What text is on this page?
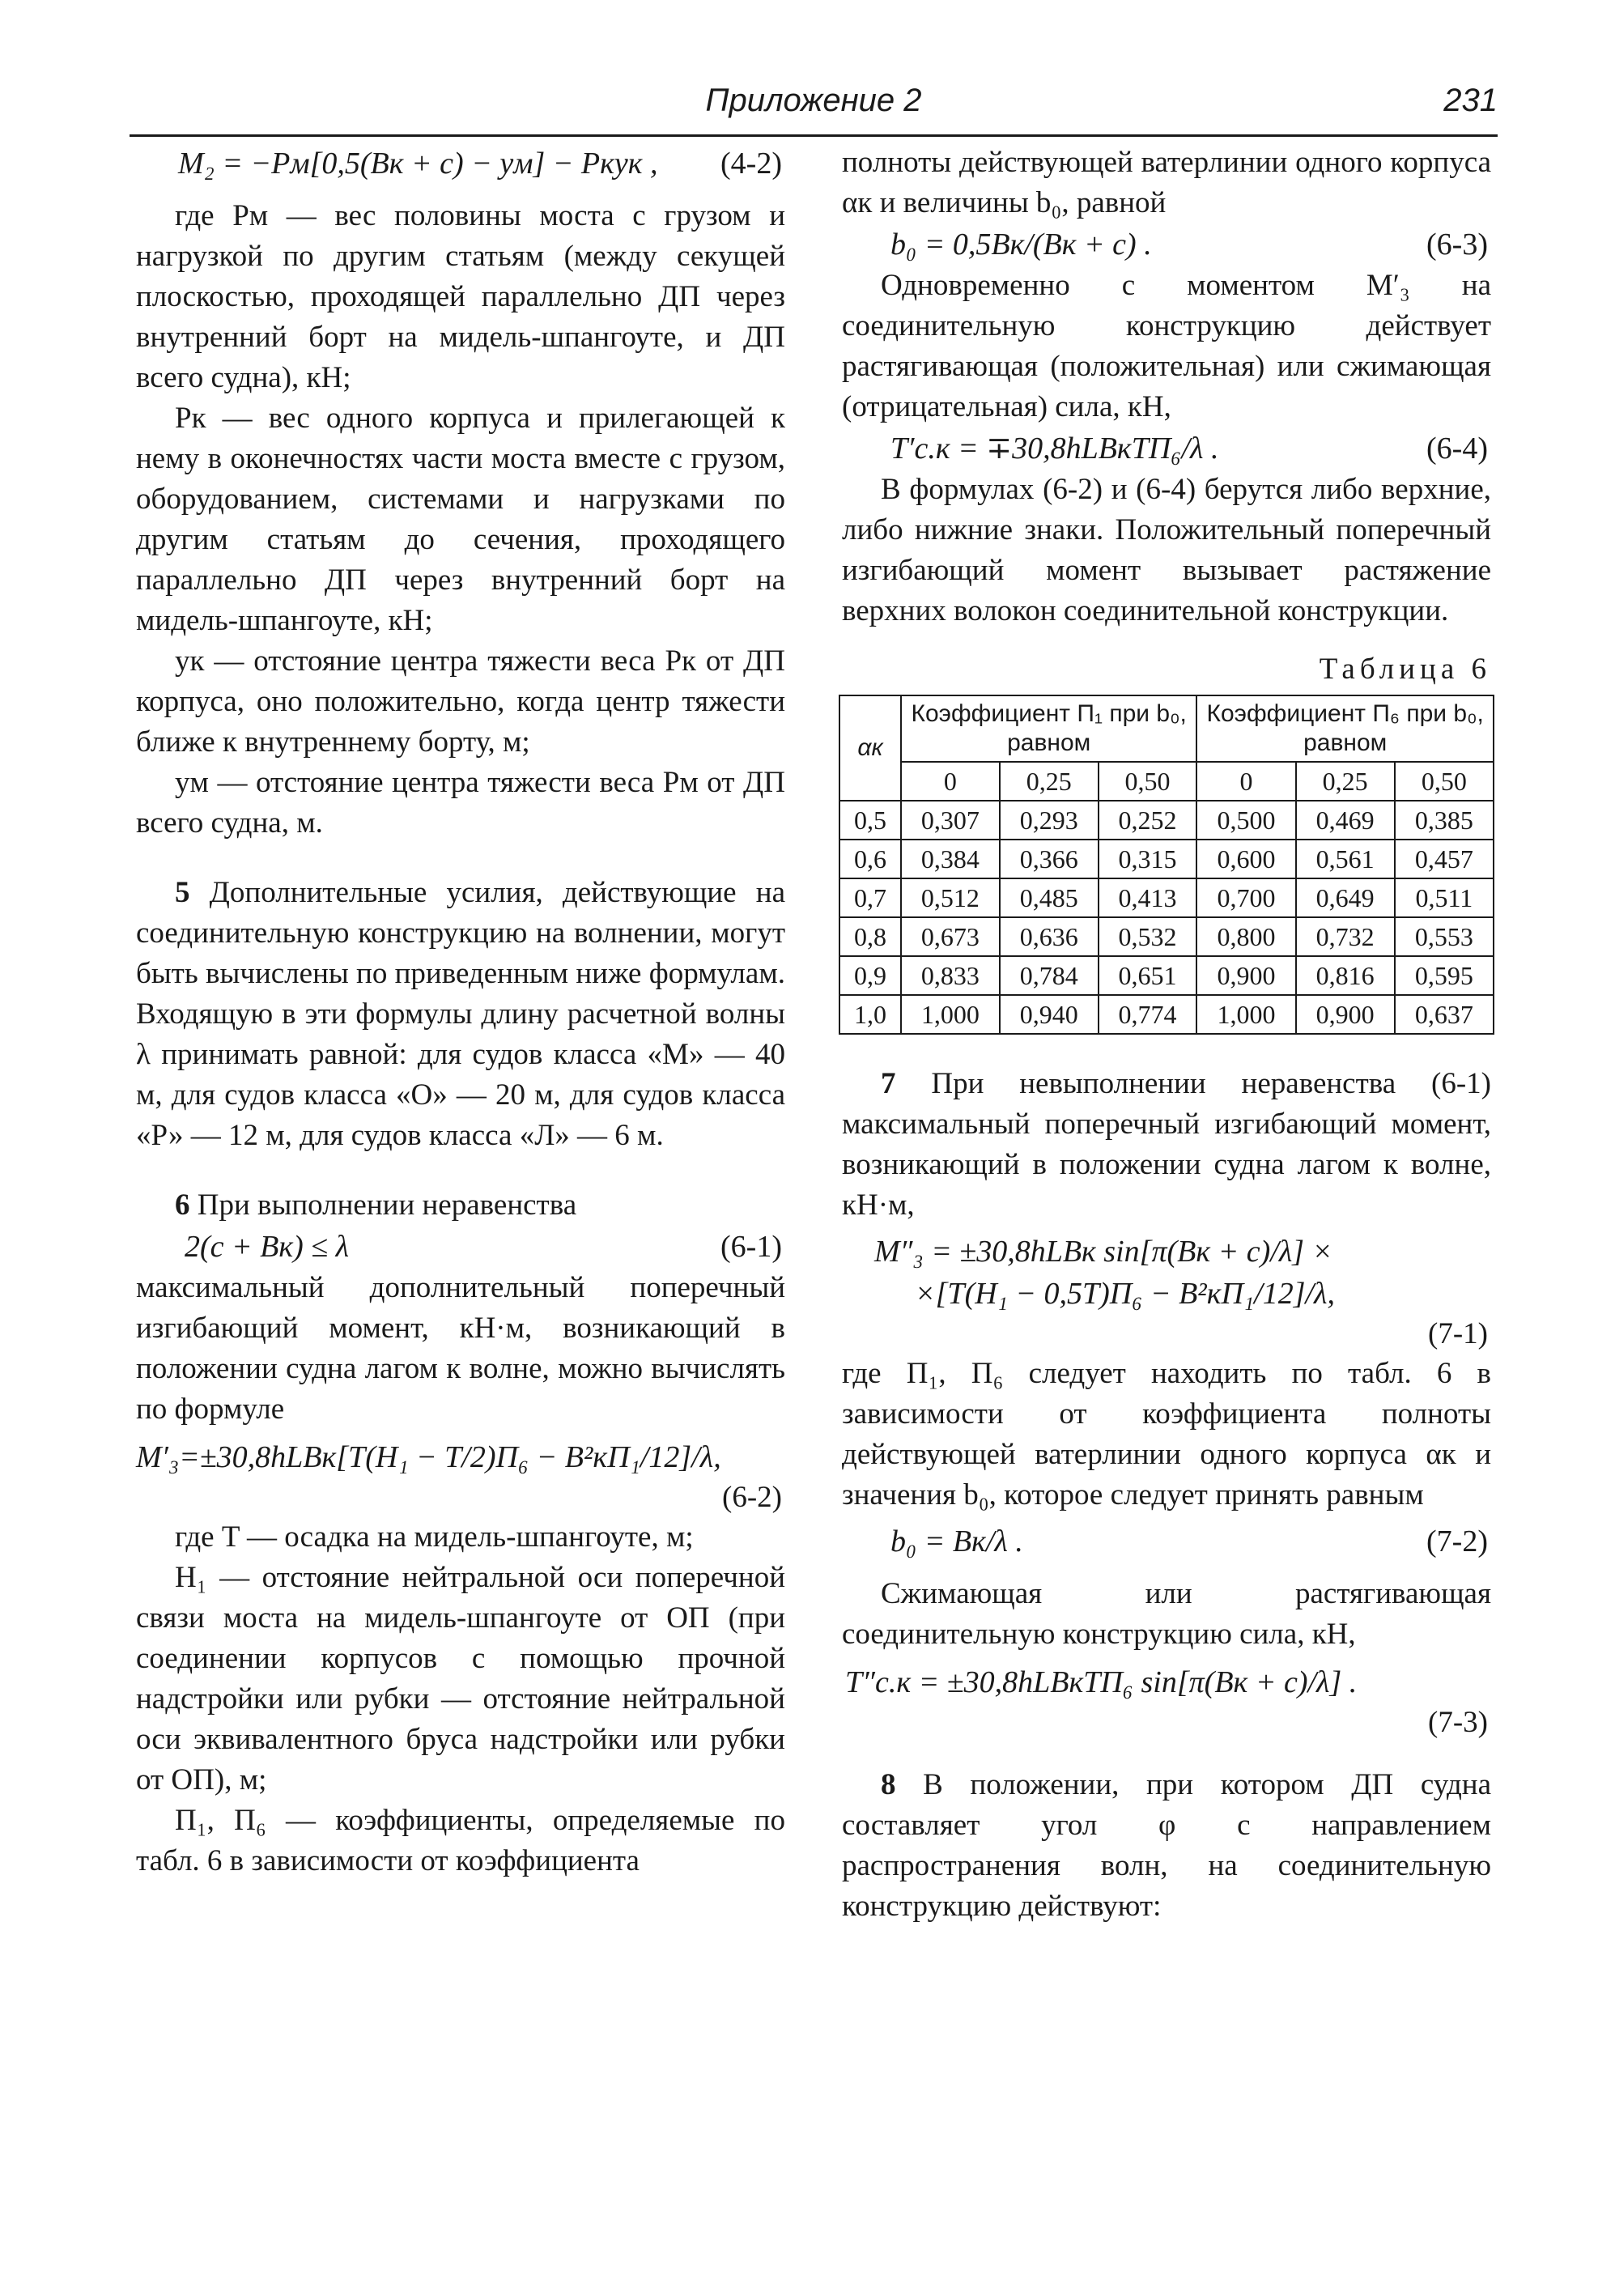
Приложение 2	231
M₂ = −Pм[0,5(Bк + c) − yм] − Pкyк , (4-2)

где Pм — вес половины моста с грузом и нагрузкой по другим статьям (между секущей плоскостью, проходящей параллельно ДП через внутренний борт на мидель-шпангоуте, и ДП всего судна), кН;

Pк — вес одного корпуса и прилегающей к нему в оконечностях части моста вместе с грузом, оборудованием, системами и нагрузками по другим статьям до сечения, проходящего параллельно ДП через внутренний борт на мидель-шпангоуте, кН;

yк — отстояние центра тяжести веса Pк от ДП корпуса, оно положительно, когда центр тяжести ближе к внутреннему борту, м;

yм — отстояние центра тяжести веса Pм от ДП всего судна, м.

5 Дополнительные усилия, действующие на соединительную конструкцию на волнении, могут быть вычислены по приведенным ниже формулам. Входящую в эти формулы длину расчетной волны λ принимать равной: для судов класса «М» — 40 м, для судов класса «О» — 20 м, для судов класса «Р» — 12 м, для судов класса «Л» — 6 м.

6 При выполнении неравенства

2(c + Bк) ≤ λ	(6-1)

максимальный дополнительный поперечный изгибающий момент, кН·м, возникающий в положении судна лагом к волне, можно вычислять по формуле

M′₃=±30,8hLBк[T(H₁ − T/2)П₆ − B²кП₁/12]/λ,
(6-2)

где T — осадка на мидель-шпангоуте, м;

H₁ — отстояние нейтральной оси поперечной связи моста на мидель-шпангоуте от ОП (при соединении корпусов с помощью прочной надстройки или рубки — отстояние нейтральной оси эквивалентного бруса надстройки или рубки от ОП), м;

П₁, П₆ — коэффициенты, определяемые по табл. 6 в зависимости от коэффициента

полноты действующей ватерлинии одного корпуса αк и величины b₀, равной

b₀ = 0,5Bк/(Bк + c) .	(6-3)

Одновременно с моментом M′₃ на соединительную конструкцию действует растягивающая (положительная) или сжимающая (отрицательная) сила, кН,

T′с.к = ∓30,8hLBкTП₆/λ .	(6-4)

В формулах (6-2) и (6-4) берутся либо верхние, либо нижние знаки. Положительный поперечный изгибающий момент вызывает растяжение верхних волокон соединительной конструкции.

Таблица 6
αк	Коэффициент П₁ при b₀, равном			Коэффициент П₆ при b₀, равном		
	0	0,25	0,50	0	0,25	0,50
0,5	0,307	0,293	0,252	0,500	0,469	0,385
0,6	0,384	0,366	0,315	0,600	0,561	0,457
0,7	0,512	0,485	0,413	0,700	0,649	0,511
0,8	0,673	0,636	0,532	0,800	0,732	0,553
0,9	0,833	0,784	0,651	0,900	0,816	0,595
1,0	1,000	0,940	0,774	1,000	0,900	0,637

7 При невыполнении неравенства (6-1) максимальный поперечный изгибающий момент, возникающий в положении судна лагом к волне, кН·м,

M″₃ = ±30,8hLBк sin[π(Bк + c)/λ] ×
×[T(H₁ − 0,5T)П₆ − B²кП₁/12]/λ,
(7-1)

где П₁, П₆ следует находить по табл. 6 в зависимости от коэффициента полноты действующей ватерлинии одного корпуса αк и значения b₀, которое следует принять равным

b₀ = Bк/λ .	(7-2)

Сжимающая или растягивающая соединительную конструкцию сила, кН,

T″с.к = ±30,8hLBкTП₆ sin[π(Bк + c)/λ] .
(7-3)

8 В положении, при котором ДП судна составляет угол φ с направлением распространения волн, на соединительную конструкцию действуют:
